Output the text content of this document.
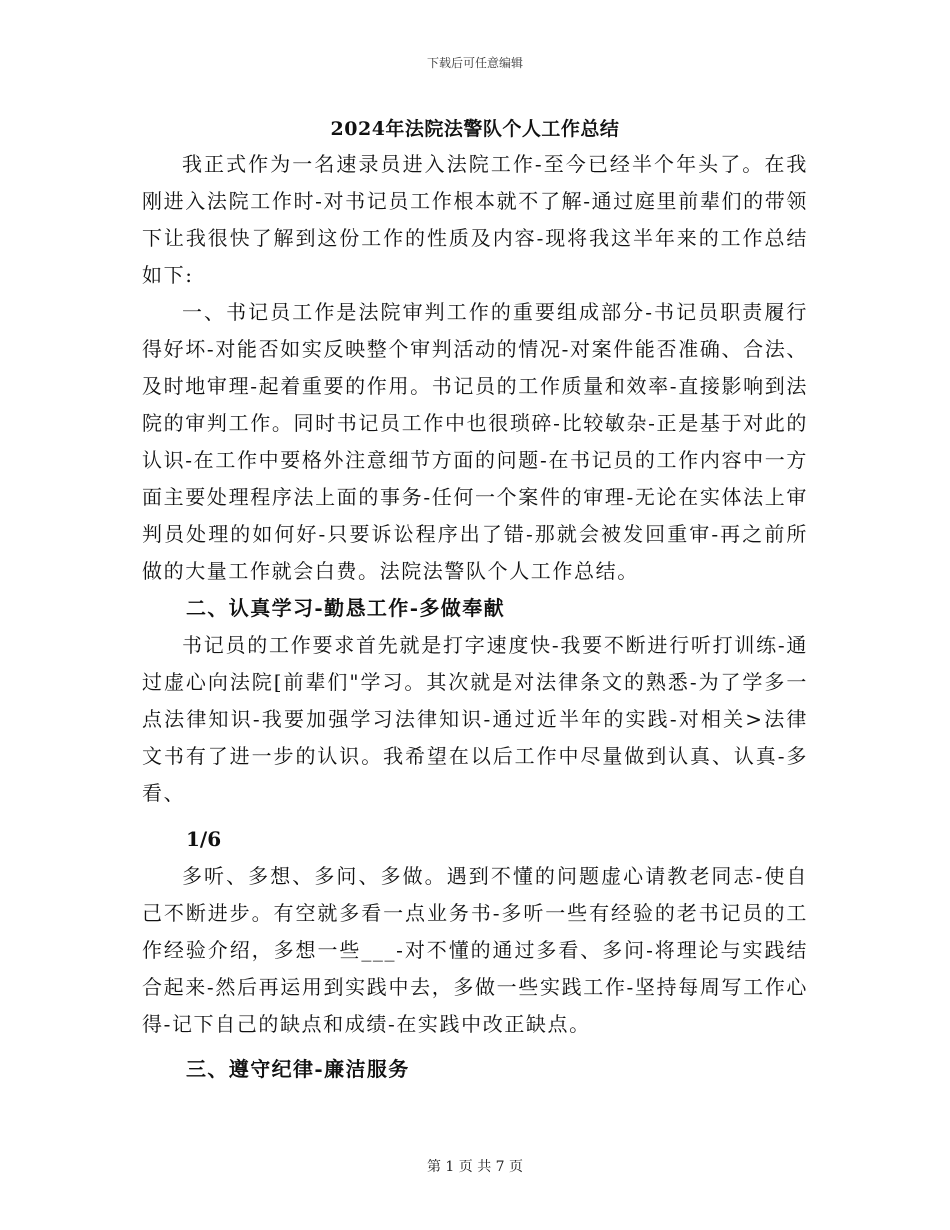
下载后可任意编辑
2024年法院法警队个人工作总结

我正式作为一名速录员进入法院工作-至今已经半个年头了。在我刚进入法院工作时-对书记员工作根本就不了解-通过庭里前辈们的带领下让我很快了解到这份工作的性质及内容-现将我这半年来的工作总结如下:

一、书记员工作是法院审判工作的重要组成部分-书记员职责履行得好坏-对能否如实反映整个审判活动的情况-对案件能否准确、合法、及时地审理-起着重要的作用。书记员的工作质量和效率-直接影响到法院的审判工作。同时书记员工作中也很琐碎-比较敏杂-正是基于对此的认识-在工作中要格外注意细节方面的问题-在书记员的工作内容中一方面主要处理程序法上面的事务-任何一个案件的审理-无论在实体法上审判员处理的如何好-只要诉讼程序出了错-那就会被发回重审-再之前所做的大量工作就会白费。法院法警队个人工作总结。

二、认真学习-勤恳工作-多做奉献

书记员的工作要求首先就是打字速度快-我要不断进行听打训练-通过虚心向法院[前辈们"学习。其次就是对法律条文的熟悉-为了学多一点法律知识-我要加强学习法律知识-通过近半年的实践-对相关>法律文书有了进一步的认识。我希望在以后工作中尽量做到认真、认真-多看、

1/6

多听、多想、多问、多做。遇到不懂的问题虚心请教老同志-使自己不断进步。有空就多看一点业务书-多听一些有经验的老书记员的工作经验介绍，多想一些___-对不懂的通过多看、多问-将理论与实践结合起来-然后再运用到实践中去，多做一些实践工作-坚持每周写工作心得-记下自己的缺点和成绩-在实践中改正缺点。

三、遵守纪律-廉洁服务

第 1 页 共 7 页
